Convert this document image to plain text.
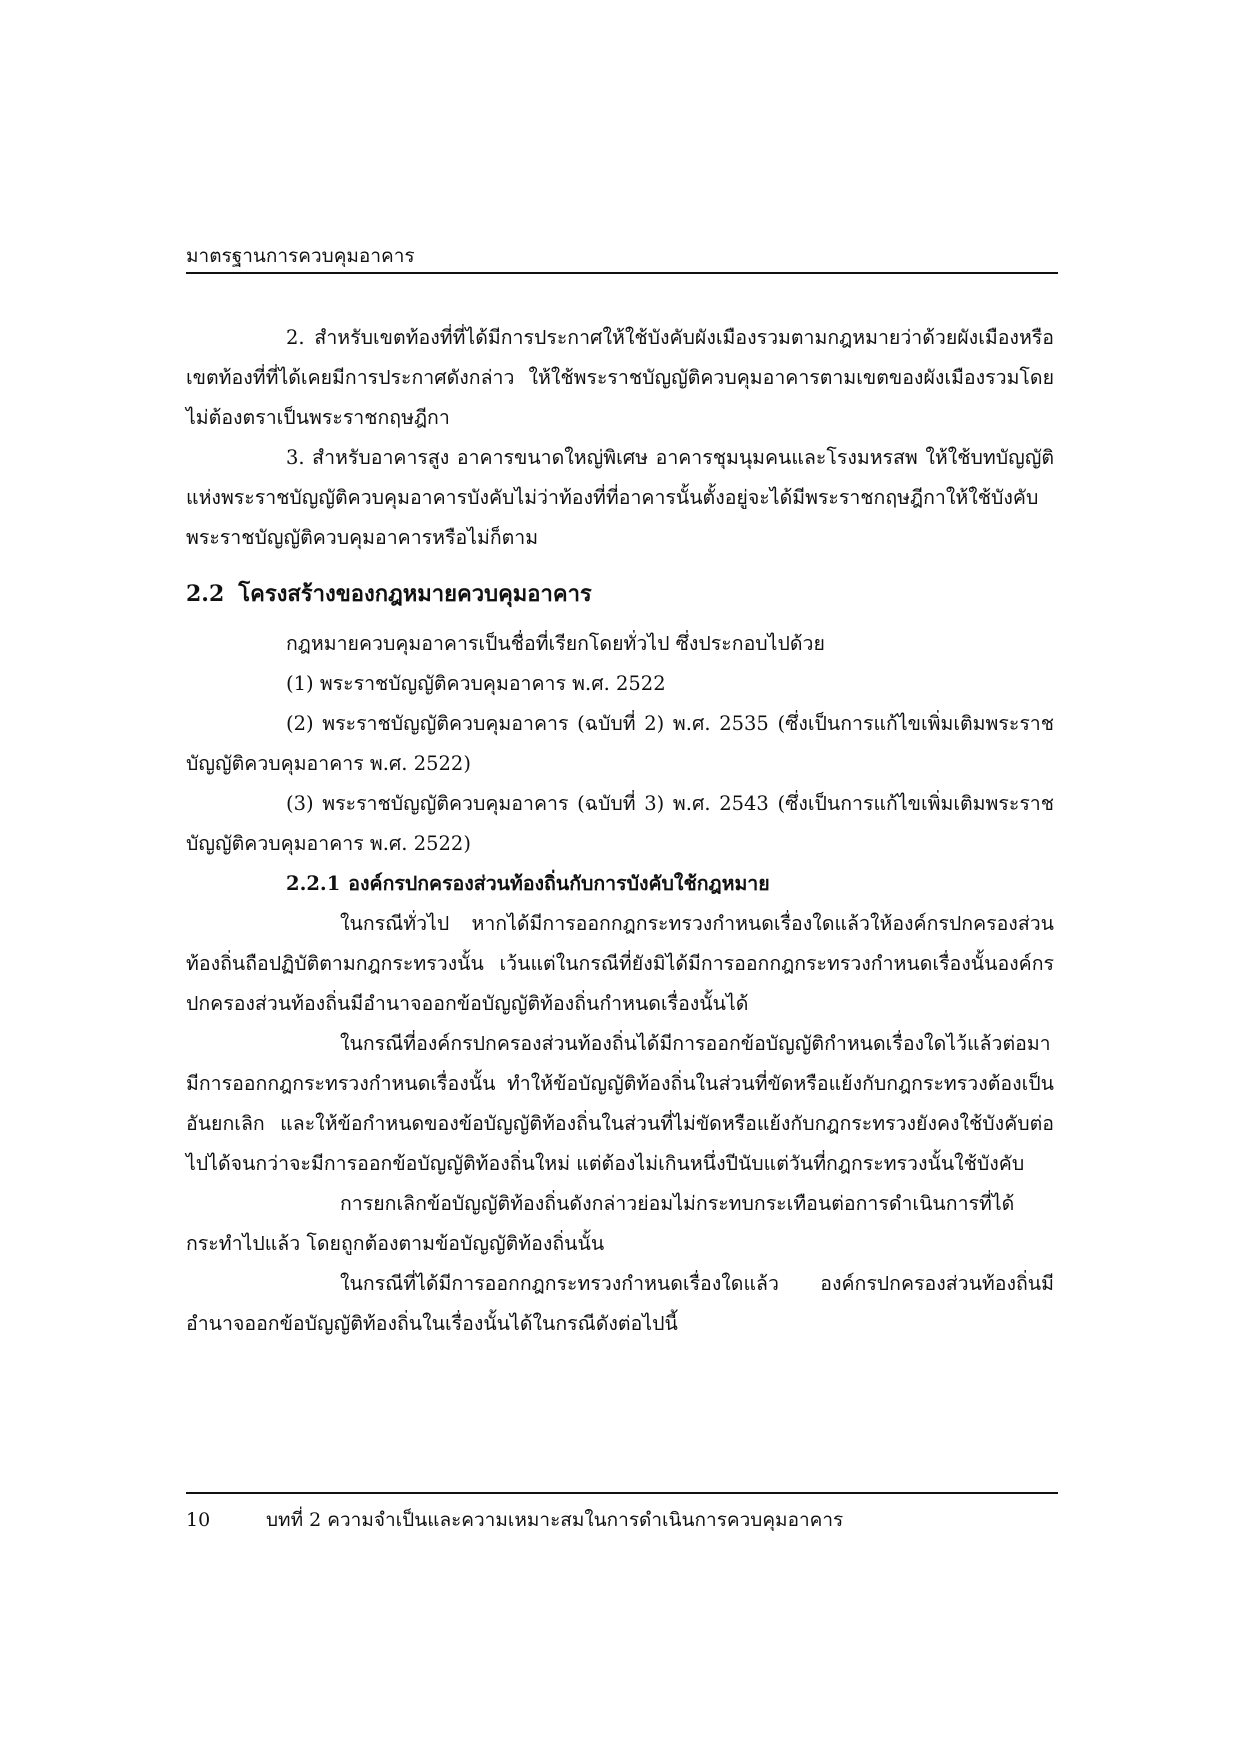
มาตรฐานการควบคุมอาคาร

2. สำหรับเขตท้องที่ที่ได้มีการประกาศให้ใช้บังคับผังเมืองรวมตามกฎหมายว่าด้วยผังเมืองหรือเขตท้องที่ที่ได้เคยมีการประกาศดังกล่าว ให้ใช้พระราชบัญญัติควบคุมอาคารตามเขตของผังเมืองรวมโดยไม่ต้องตราเป็นพระราชกฤษฎีกา

3. สำหรับอาคารสูง อาคารขนาดใหญ่พิเศษ อาคารชุมนุมคนและโรงมหรสพ ให้ใช้บทบัญญัติแห่งพระราชบัญญัติควบคุมอาคารบังคับไม่ว่าท้องที่ที่อาคารนั้นตั้งอยู่จะได้มีพระราชกฤษฎีกาให้ใช้บังคับพระราชบัญญัติควบคุมอาคารหรือไม่ก็ตาม

2.2 โครงสร้างของกฎหมายควบคุมอาคาร

กฎหมายควบคุมอาคารเป็นชื่อที่เรียกโดยทั่วไป ซึ่งประกอบไปด้วย

(1) พระราชบัญญัติควบคุมอาคาร พ.ศ. 2522

(2) พระราชบัญญัติควบคุมอาคาร (ฉบับที่ 2) พ.ศ. 2535 (ซึ่งเป็นการแก้ไขเพิ่มเติมพระราชบัญญัติควบคุมอาคาร พ.ศ. 2522)

(3) พระราชบัญญัติควบคุมอาคาร (ฉบับที่ 3) พ.ศ. 2543 (ซึ่งเป็นการแก้ไขเพิ่มเติมพระราชบัญญัติควบคุมอาคาร พ.ศ. 2522)

2.2.1 องค์กรปกครองส่วนท้องถิ่นกับการบังคับใช้กฎหมาย

ในกรณีทั่วไป หากได้มีการออกกฎกระทรวงกำหนดเรื่องใดแล้วให้องค์กรปกครองส่วนท้องถิ่นถือปฏิบัติตามกฎกระทรวงนั้น เว้นแต่ในกรณีที่ยังมิได้มีการออกกฎกระทรวงกำหนดเรื่องนั้นองค์กรปกครองส่วนท้องถิ่นมีอำนาจออกข้อบัญญัติท้องถิ่นกำหนดเรื่องนั้นได้

ในกรณีที่องค์กรปกครองส่วนท้องถิ่นได้มีการออกข้อบัญญัติกำหนดเรื่องใดไว้แล้วต่อมามีการออกกฎกระทรวงกำหนดเรื่องนั้น ทำให้ข้อบัญญัติท้องถิ่นในส่วนที่ขัดหรือแย้งกับกฎกระทรวงต้องเป็นอันยกเลิก และให้ข้อกำหนดของข้อบัญญัติท้องถิ่นในส่วนที่ไม่ขัดหรือแย้งกับกฎกระทรวงยังคงใช้บังคับต่อไปได้จนกว่าจะมีการออกข้อบัญญัติท้องถิ่นใหม่ แต่ต้องไม่เกินหนึ่งปีนับแต่วันที่กฎกระทรวงนั้นใช้บังคับ

การยกเลิกข้อบัญญัติท้องถิ่นดังกล่าวย่อมไม่กระทบกระเทือนต่อการดำเนินการที่ได้กระทำไปแล้ว โดยถูกต้องตามข้อบัญญัติท้องถิ่นนั้น

ในกรณีที่ได้มีการออกกฎกระทรวงกำหนดเรื่องใดแล้ว องค์กรปกครองส่วนท้องถิ่นมีอำนาจออกข้อบัญญัติท้องถิ่นในเรื่องนั้นได้ในกรณีดังต่อไปนี้

10	บทที่ 2 ความจำเป็นและความเหมาะสมในการดำเนินการควบคุมอาคาร
